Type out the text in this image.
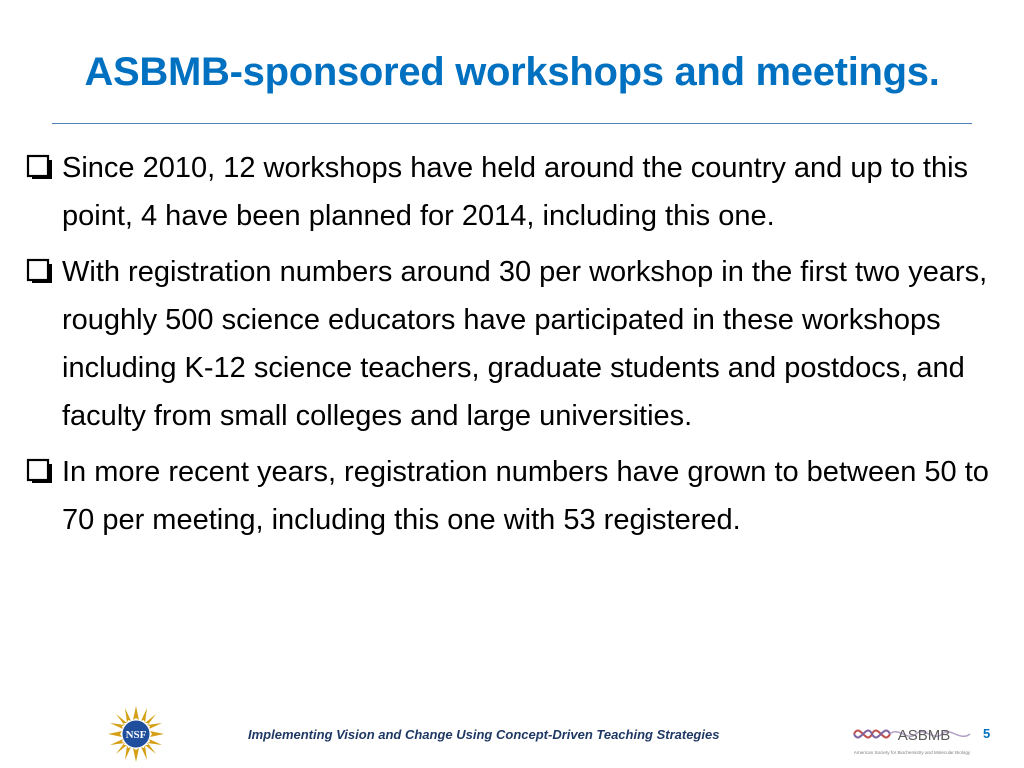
ASBMB-sponsored workshops and meetings.
Since 2010, 12 workshops have held around the country and up to this point, 4 have been planned for 2014, including this one.
With registration numbers around 30 per workshop in the first two years, roughly 500 science educators have participated in these workshops including K-12 science teachers, graduate students and postdocs, and faculty from small colleges and large universities.
In more recent years, registration numbers have grown to between 50 to 70 per meeting, including this one with 53 registered.
NSF	Implementing Vision and Change Using Concept-Driven Teaching Strategies	ASBMB
American Society for Biochemistry and Molecular Biology
5
